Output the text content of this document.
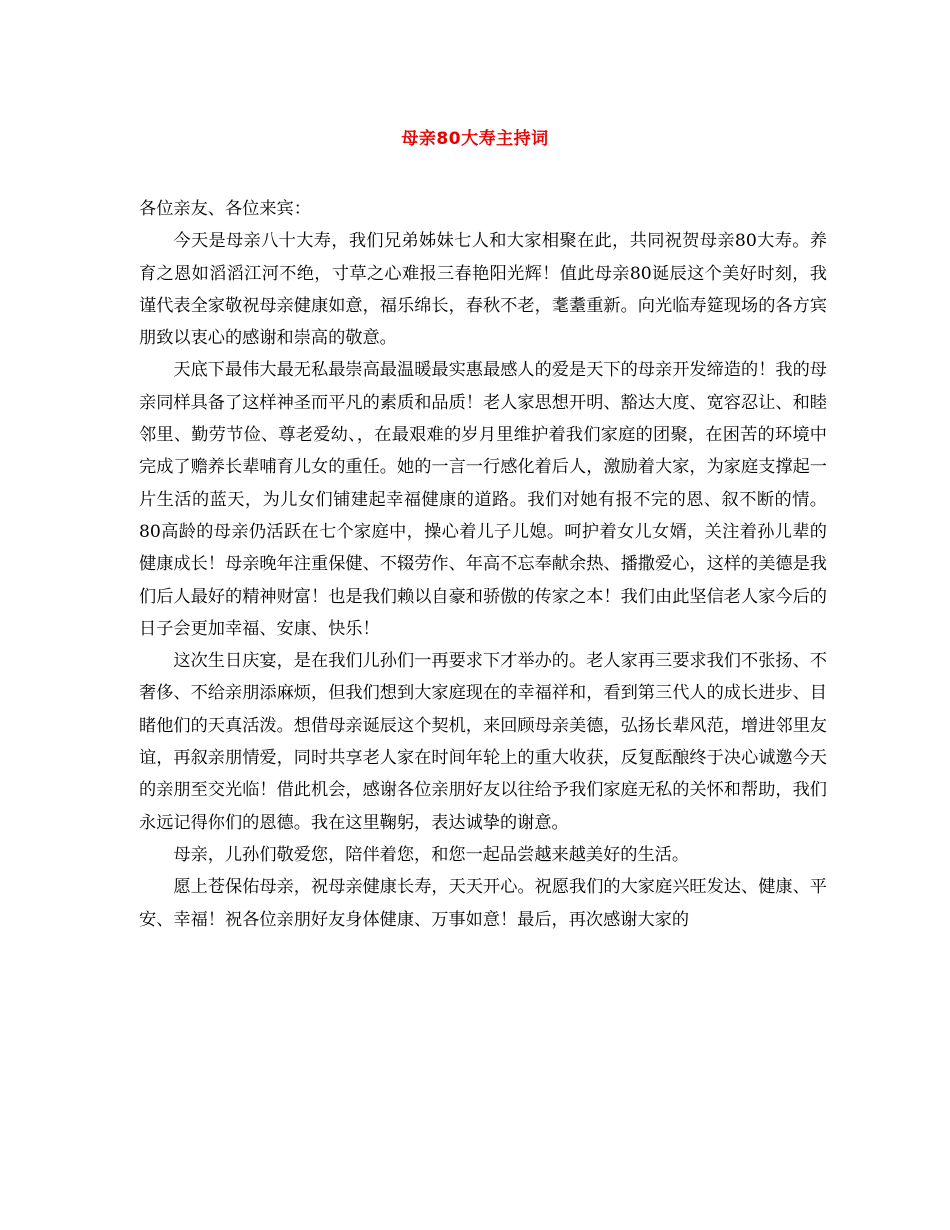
母亲80大寿主持词

各位亲友、各位来宾：

今天是母亲八十大寿，我们兄弟姊妹七人和大家相聚在此，共同祝贺母亲80大寿。养育之恩如滔滔江河不绝，寸草之心难报三春艳阳光辉！值此母亲80诞辰这个美好时刻，我谨代表全家敬祝母亲健康如意，福乐绵长，春秋不老，耄耋重新。向光临寿筵现场的各方宾朋致以衷心的感谢和崇高的敬意。

天底下最伟大最无私最崇高最温暖最实惠最感人的爱是天下的母亲开发缔造的！我的母亲同样具备了这样神圣而平凡的素质和品质！老人家思想开明、豁达大度、宽容忍让、和睦邻里、勤劳节俭、尊老爱幼、，在最艰难的岁月里维护着我们家庭的团聚，在困苦的环境中完成了赡养长辈哺育儿女的重任。她的一言一行感化着后人，激励着大家，为家庭支撑起一片生活的蓝天，为儿女们铺建起幸福健康的道路。我们对她有报不完的恩、叙不断的情。80高龄的母亲仍活跃在七个家庭中，操心着儿子儿媳。呵护着女儿女婿，关注着孙儿辈的健康成长！母亲晚年注重保健、不辍劳作、年高不忘奉献余热、播撒爱心，这样的美德是我们后人最好的精神财富！也是我们赖以自豪和骄傲的传家之本！我们由此坚信老人家今后的日子会更加幸福、安康、快乐！

这次生日庆宴，是在我们儿孙们一再要求下才举办的。老人家再三要求我们不张扬、不奢侈、不给亲朋添麻烦，但我们想到大家庭现在的幸福祥和，看到第三代人的成长进步、目睹他们的天真活泼。想借母亲诞辰这个契机，来回顾母亲美德，弘扬长辈风范，增进邻里友谊，再叙亲朋情爱，同时共享老人家在时间年轮上的重大收获，反复酝酿终于决心诚邀今天的亲朋至交光临！借此机会，感谢各位亲朋好友以往给予我们家庭无私的关怀和帮助，我们永远记得你们的恩德。我在这里鞠躬，表达诚挚的谢意。

母亲，儿孙们敬爱您，陪伴着您，和您一起品尝越来越美好的生活。

愿上苍保佑母亲，祝母亲健康长寿，天天开心。祝愿我们的大家庭兴旺发达、健康、平安、幸福！祝各位亲朋好友身体健康、万事如意！最后，再次感谢大家的
